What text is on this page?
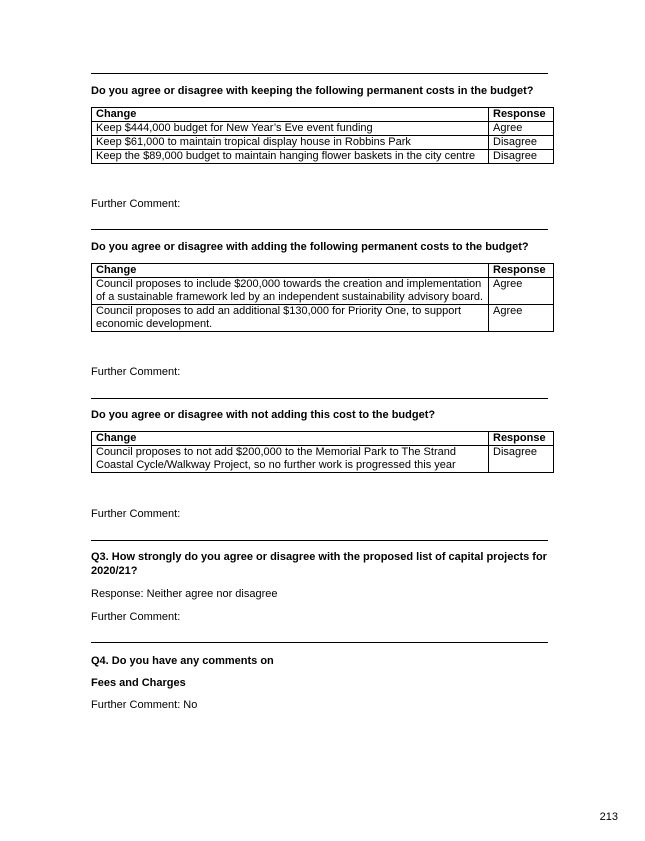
Do you agree or disagree with keeping the following permanent costs in the budget?
Change	Response
Keep $444,000 budget for New Year’s Eve event funding	Agree
Keep $61,000 to maintain tropical display house in Robbins Park	Disagree
Keep the $89,000 budget to maintain hanging flower baskets in the city centre	Disagree
Further Comment:
Do you agree or disagree with adding the following permanent costs to the budget?
Change	Response
Council proposes to include $200,000 towards the creation and implementation of a sustainable framework led by an independent sustainability advisory board.	Agree
Council proposes to add an additional $130,000 for Priority One, to support economic development.	Agree
Further Comment:
Do you agree or disagree with not adding this cost to the budget?
Change	Response
Council proposes to not add $200,000 to the Memorial Park to The Strand Coastal Cycle/Walkway Project, so no further work is progressed this year	Disagree
Further Comment:
Q3. How strongly do you agree or disagree with the proposed list of capital projects for 2020/21?
Response: Neither agree nor disagree
Further Comment:
Q4. Do you have any comments on
Fees and Charges
Further Comment: No
213
